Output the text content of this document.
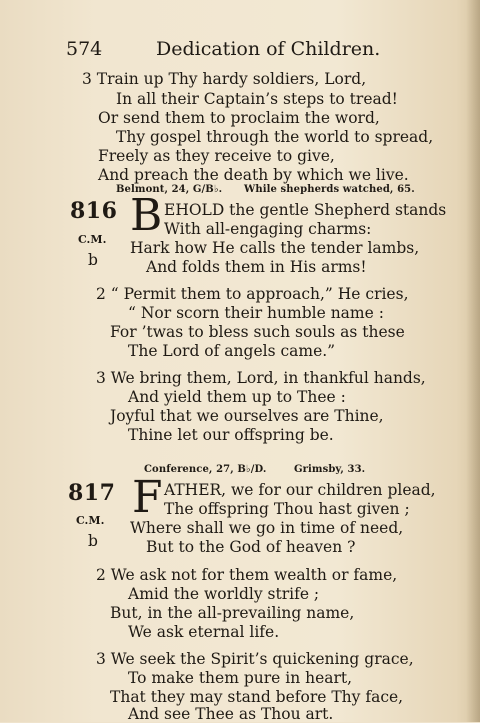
574	Dedication of Children.
3 Train up Thy hardy soldiers, Lord,
In all their Captain’s steps to tread!
Or send them to proclaim the word,
Thy gospel through the world to spread,
Freely as they receive to give,
And preach the death by which we live.
Belmont, 24, G/B♭. While shepherds watched, 65.
816 B EHOLD the gentle Shepherd stands
With all-engaging charms:
C.M. Hark how He calls the tender lambs,
b	And folds them in His arms!
2 “ Permit them to approach,” He cries,
“ Nor scorn their humble name :
For ’twas to bless such souls as these
The Lord of angels came.”
3 We bring them, Lord, in thankful hands,
And yield them up to Thee :
Joyful that we ourselves are Thine,
Thine let our offspring be.
Conference, 27, B♭/D.	Grimsby, 33.
817 F ATHER, we for our children plead,
The offspring Thou hast given ;
C.M. Where shall we go in time of need,
b	But to the God of heaven ?
2 We ask not for them wealth or fame,
Amid the worldly strife ;
But, in the all-prevailing name,
We ask eternal life.
3 We seek the Spirit’s quickening grace,
To make them pure in heart,
That they may stand before Thy face,
And see Thee as Thou art.
